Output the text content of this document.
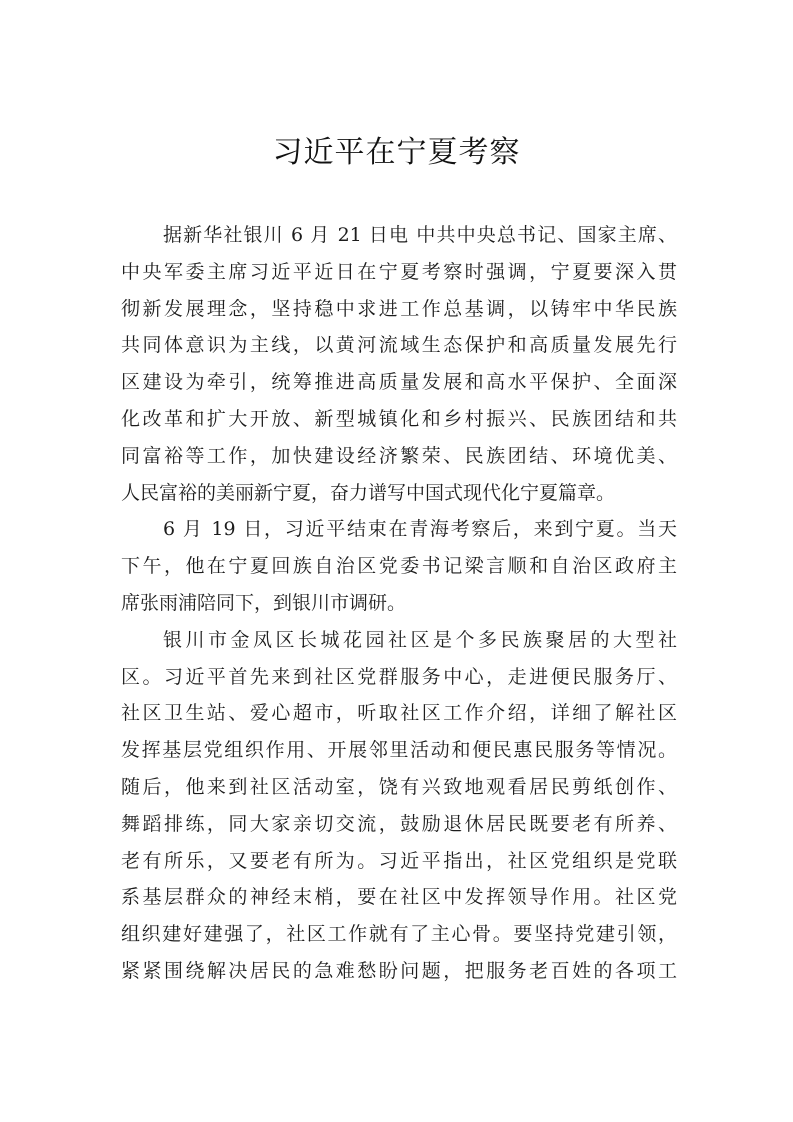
习近平在宁夏考察
据新华社银川 6 月 21 日电 中共中央总书记、国家主席、
中央军委主席习近平近日在宁夏考察时强调，宁夏要深入贯
彻新发展理念，坚持稳中求进工作总基调，以铸牢中华民族
共同体意识为主线，以黄河流域生态保护和高质量发展先行
区建设为牵引，统筹推进高质量发展和高水平保护、全面深
化改革和扩大开放、新型城镇化和乡村振兴、民族团结和共
同富裕等工作，加快建设经济繁荣、民族团结、环境优美、
人民富裕的美丽新宁夏，奋力谱写中国式现代化宁夏篇章。
6 月 19 日，习近平结束在青海考察后，来到宁夏。当天
下午，他在宁夏回族自治区党委书记梁言顺和自治区政府主
席张雨浦陪同下，到银川市调研。
银川市金凤区长城花园社区是个多民族聚居的大型社
区。习近平首先来到社区党群服务中心，走进便民服务厅、
社区卫生站、爱心超市，听取社区工作介绍，详细了解社区
发挥基层党组织作用、开展邻里活动和便民惠民服务等情况。
随后，他来到社区活动室，饶有兴致地观看居民剪纸创作、
舞蹈排练，同大家亲切交流，鼓励退休居民既要老有所养、
老有所乐，又要老有所为。习近平指出，社区党组织是党联
系基层群众的神经末梢，要在社区中发挥领导作用。社区党
组织建好建强了，社区工作就有了主心骨。要坚持党建引领，
紧紧围绕解决居民的急难愁盼问题，把服务老百姓的各项工
